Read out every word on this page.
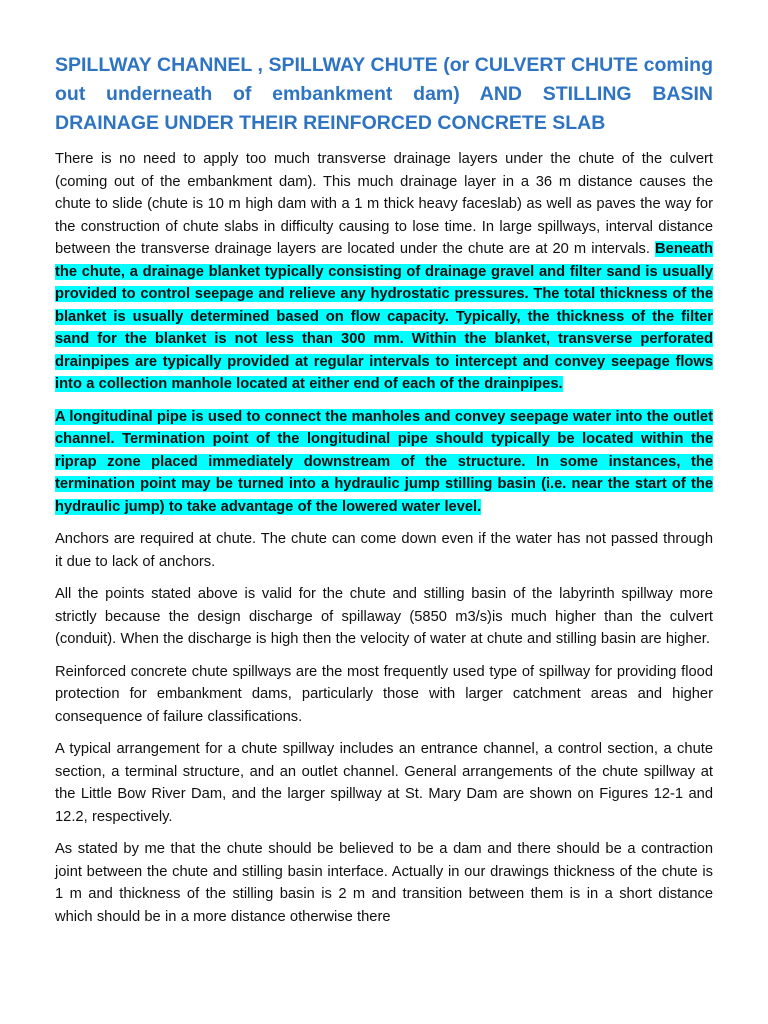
SPILLWAY CHANNEL , SPILLWAY CHUTE (or CULVERT CHUTE coming out underneath of embankment dam) AND STILLING BASIN DRAINAGE UNDER THEIR REINFORCED CONCRETE SLAB

There is no need to apply too much transverse drainage layers under the chute of the culvert (coming out of the embankment dam). This much drainage layer in a 36 m distance causes the chute to slide (chute is 10 m high dam with a 1 m thick heavy faceslab) as well as paves the way for the construction of chute slabs in difficulty causing to lose time. In large spillways, interval distance between the transverse drainage layers are located under the chute are at 20 m intervals. Beneath the chute, a drainage blanket typically consisting of drainage gravel and filter sand is usually provided to control seepage and relieve any hydrostatic pressures. The total thickness of the blanket is usually determined based on flow capacity. Typically, the thickness of the filter sand for the blanket is not less than 300 mm. Within the blanket, transverse perforated drainpipes are typically provided at regular intervals to intercept and convey seepage flows into a collection manhole located at either end of each of the drainpipes.

A longitudinal pipe is used to connect the manholes and convey seepage water into the outlet channel. Termination point of the longitudinal pipe should typically be located within the riprap zone placed immediately downstream of the structure. In some instances, the termination point may be turned into a hydraulic jump stilling basin (i.e. near the start of the hydraulic jump) to take advantage of the lowered water level.

Anchors are required at chute. The chute can come down even if the water has not passed through it due to lack of anchors.

All the points stated above is valid for the chute and stilling basin of the labyrinth spillway more strictly because the design discharge of spillaway (5850 m3/s)is much higher than the culvert (conduit). When the discharge is high then the velocity of water at chute and stilling basin are higher.

Reinforced concrete chute spillways are the most frequently used type of spillway for providing flood protection for embankment dams, particularly those with larger catchment areas and higher consequence of failure classifications.

A typical arrangement for a chute spillway includes an entrance channel, a control section, a chute section, a terminal structure, and an outlet channel. General arrangements of the chute spillway at the Little Bow River Dam, and the larger spillway at St. Mary Dam are shown on Figures 12-1 and 12.2, respectively.

As stated by me that the chute should be believed to be a dam and there should be a contraction joint between the chute and stilling basin interface. Actually in our drawings thickness of the chute is 1 m and thickness of the stilling basin is 2 m and transition between them is in a short distance which should be in a more distance otherwise there
